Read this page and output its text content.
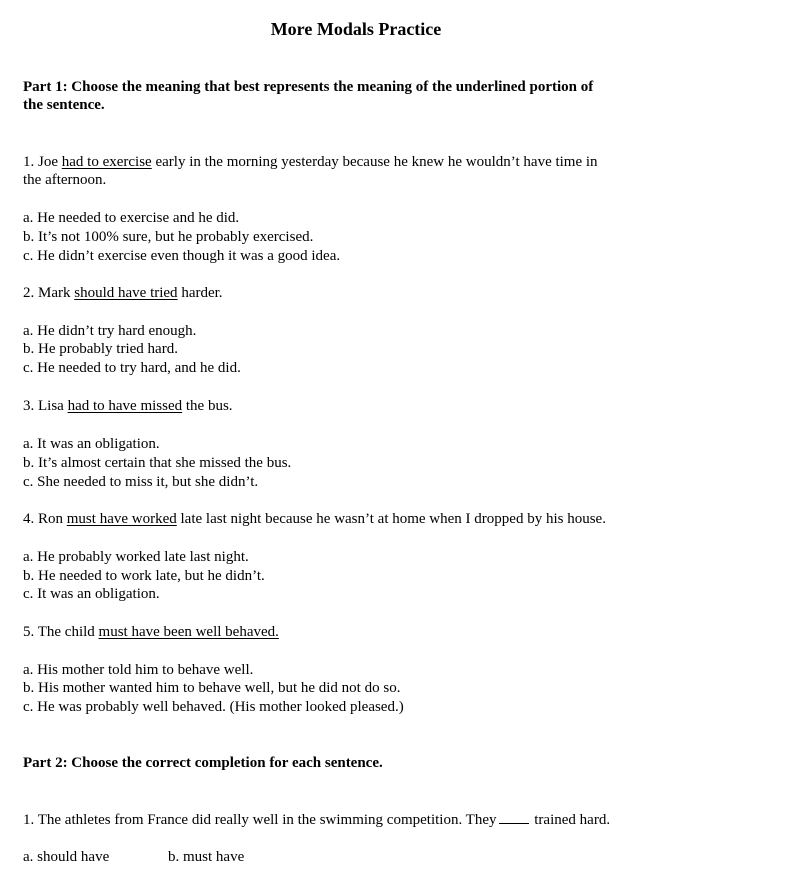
More Modals Practice
Part 1: Choose the meaning that best represents the meaning of the underlined portion of
the sentence.
1. Joe had to exercise early in the morning yesterday because he knew he wouldn’t have time in
the afternoon.
a. He needed to exercise and he did.
b. It’s not 100% sure, but he probably exercised.
c. He didn’t exercise even though it was a good idea.
2. Mark should have tried harder.
a. He didn’t try hard enough.
b. He probably tried hard.
c. He needed to try hard, and he did.
3. Lisa had to have missed the bus.
a. It was an obligation.
b. It’s almost certain that she missed the bus.
c. She needed to miss it, but she didn’t.
4. Ron must have worked late last night because he wasn’t at home when I dropped by his house.
a. He probably worked late last night.
b. He needed to work late, but he didn’t.
c. It was an obligation.
5. The child must have been well behaved.
a. His mother told him to behave well.
b. His mother wanted him to behave well, but he did not do so.
c. He was probably well behaved. (His mother looked pleased.)
Part 2: Choose the correct completion for each sentence.
1. The athletes from France did really well in the swimming competition. They trained hard.
a. should have	b. must have
